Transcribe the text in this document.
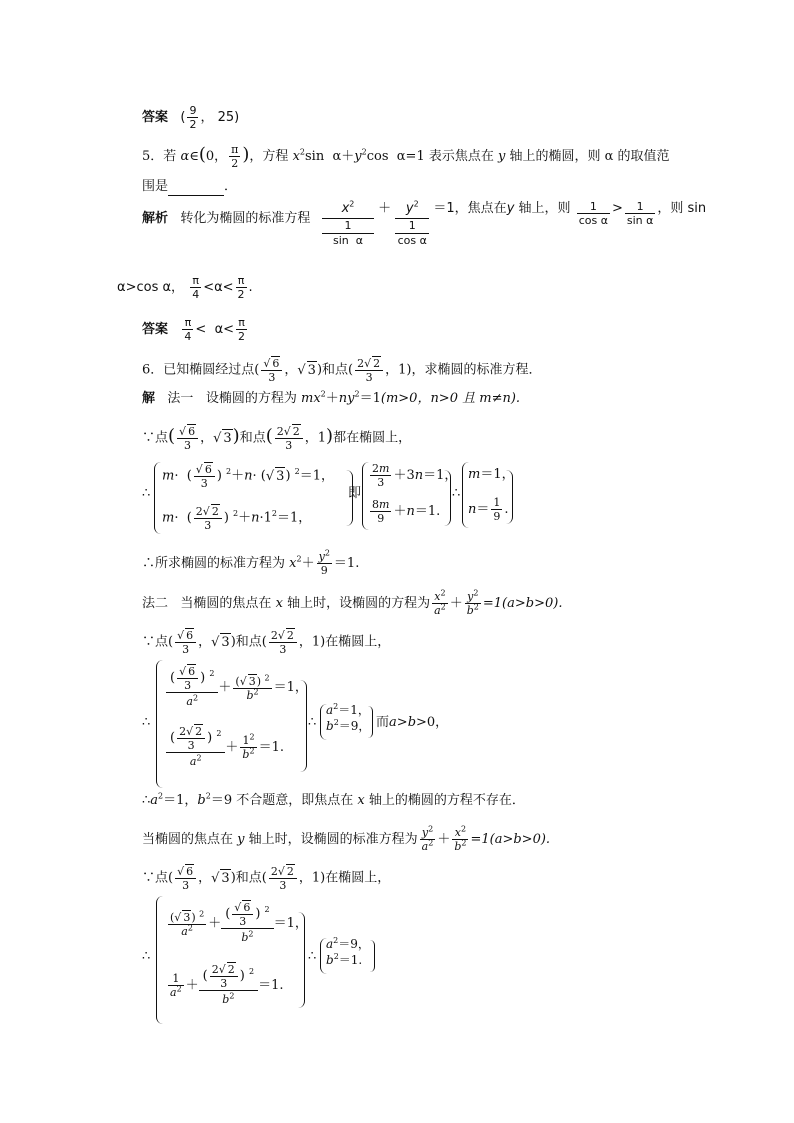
答案   ( $\frac{9}{2}$ ， 25)
5．若 α∈(0， $\frac{\pi}{2}$ )，方程 $x^2\sin$  $\alpha+y^2\cos$  α=1 表示焦点在 y 轴上的椭圆，则 α 的取值范
围是	．
解析 转化为椭圆的标准方程
$x^2$
1
sin  α
＋ $y^2$
1
cos α
＝1，焦点在y 轴上，则 $\frac{1}{\text{cos α}} > \frac{1}{\text{sin α}}$ ，则 sin
α>cos α， $\frac{\pi}{4} <\alpha< \frac{\pi}{2}$ .
答案 $\frac{\pi}{4} < \alpha< \frac{\pi}{2}$
6．已知椭圆经过点( √ $\frac{6}{3}$ ， √ 3)和点( $\frac{2 √ 2}{3}$ ，1)，求椭圆的标准方程．
解 法一 设椭圆的方程为 $mx^2+ny^2=1(m>0$，n>0 且 m≠n).
∵点( √ $\frac{6}{3}$ ， √ 3)和点( $\frac{2 √ 2}{3}$ ，1)都在椭圆上，
∴
m·  ( √ $\frac{6}{3}$ ) $^2$＋n· ( √ 3) $^2$＝1，
m·  ( $\frac{2 √ 2}{3}$ ) $^2+n\cdot 1^2=1$，
即
$\frac{2m}{3} +3n=1$，
$\frac{8m}{9} +n=1$.
∴
m＝1，
$n= \frac{1}{9}$ .
∴所求椭圆的标准方程为 $x^2+ \frac{y^2}{9} =1$.
法二 当椭圆的焦点在 x 轴上时，设椭圆的方程为 $\frac{x^2}{a^2} + \frac{y^2}{b^2} =1(a>b>0)$.
∵点( √ $\frac{6}{3}$ ， √ 3)和点( $\frac{2 √ 2}{3}$ ，1)在椭圆上，
∴
( √ $\frac{6}{3}$ ) $^2$
$a^2$
＋ $\frac{( √ 3) ^2}{b^2} =1$，
( $\frac{2 √ 2}{3}$ ) $^2$
$a^2$
＋ $\frac{1^2}{b^2} =1$.
∴
$a^2=1$，
$b^2=9$， 而a>b>0，
$\therefore a^2=1$，$b^2=9$ 不合题意，即焦点在 x 轴上的椭圆的方程不存在．
当椭圆的焦点在 y 轴上时，设椭圆的标准方程为 $\frac{y^2}{a^2} + \frac{x^2}{b^2} =1(a>b>0)$.
∵点( √ $\frac{6}{3}$ ， √ 3)和点( $\frac{2 √ 2}{3}$ ，1)在椭圆上，
∴
$\frac{( √ 3) ^2}{a^2}$ ＋
( √ $\frac{6}{3}$ ) $^2$
$b^2$
＝1，
$\frac{1}{a^2}$ ＋
( $\frac{2 √ 2}{3}$ ) $^2$
$b^2$
＝1.
∴
$a^2=9$，
$b^2=1$.
